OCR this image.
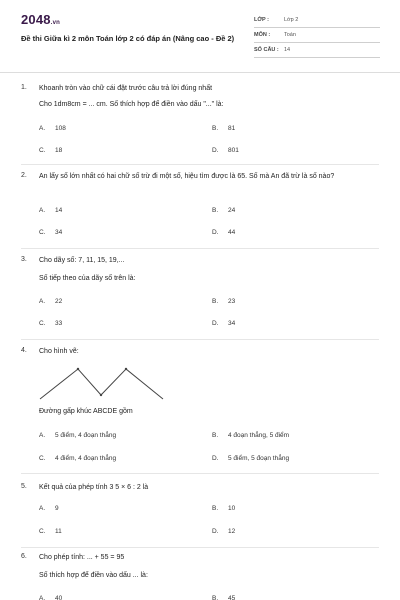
2048.vn
Đề thi Giữa kì 2 môn Toán lớp 2 có đáp án (Nâng cao - Đề 2)
LỚP :	Lớp 2
MÔN :	Toán
SỐ CÂU : 14
1. Khoanh tròn vào chữ cái đặt trước câu trả lời đúng nhất
Cho 1dm8cm = ... cm. Số thích hợp để điền vào dấu "..." là:
A. 108	B. 81
C. 18	D. 801
2. An lấy số lớn nhất có hai chữ số trừ đi một số, hiệu tìm được là 65. Số mà An đã trừ là số nào?
A. 14	B. 24
C. 34	D. 44
3. Cho dãy số: 7, 11, 15, 19,...
Số tiếp theo của dãy số trên là:
A. 22	B. 23
C. 33	D. 34
4. Cho hình vẽ:
Đường gấp khúc ABCDE gồm
A. 5 điểm, 4 đoạn thẳng	B. 4 đoạn thẳng, 5 điểm
C. 4 điểm, 4 đoạn thẳng	D. 5 điểm, 5 đoạn thẳng
5. Kết quả của phép tính 3 5 × 6 : 2 là
A. 9	B. 10
C. 11	D. 12
6. Cho phép tính: ... + 55 = 95
Số thích hợp để điền vào dấu ... là:
A. 40	B. 45
